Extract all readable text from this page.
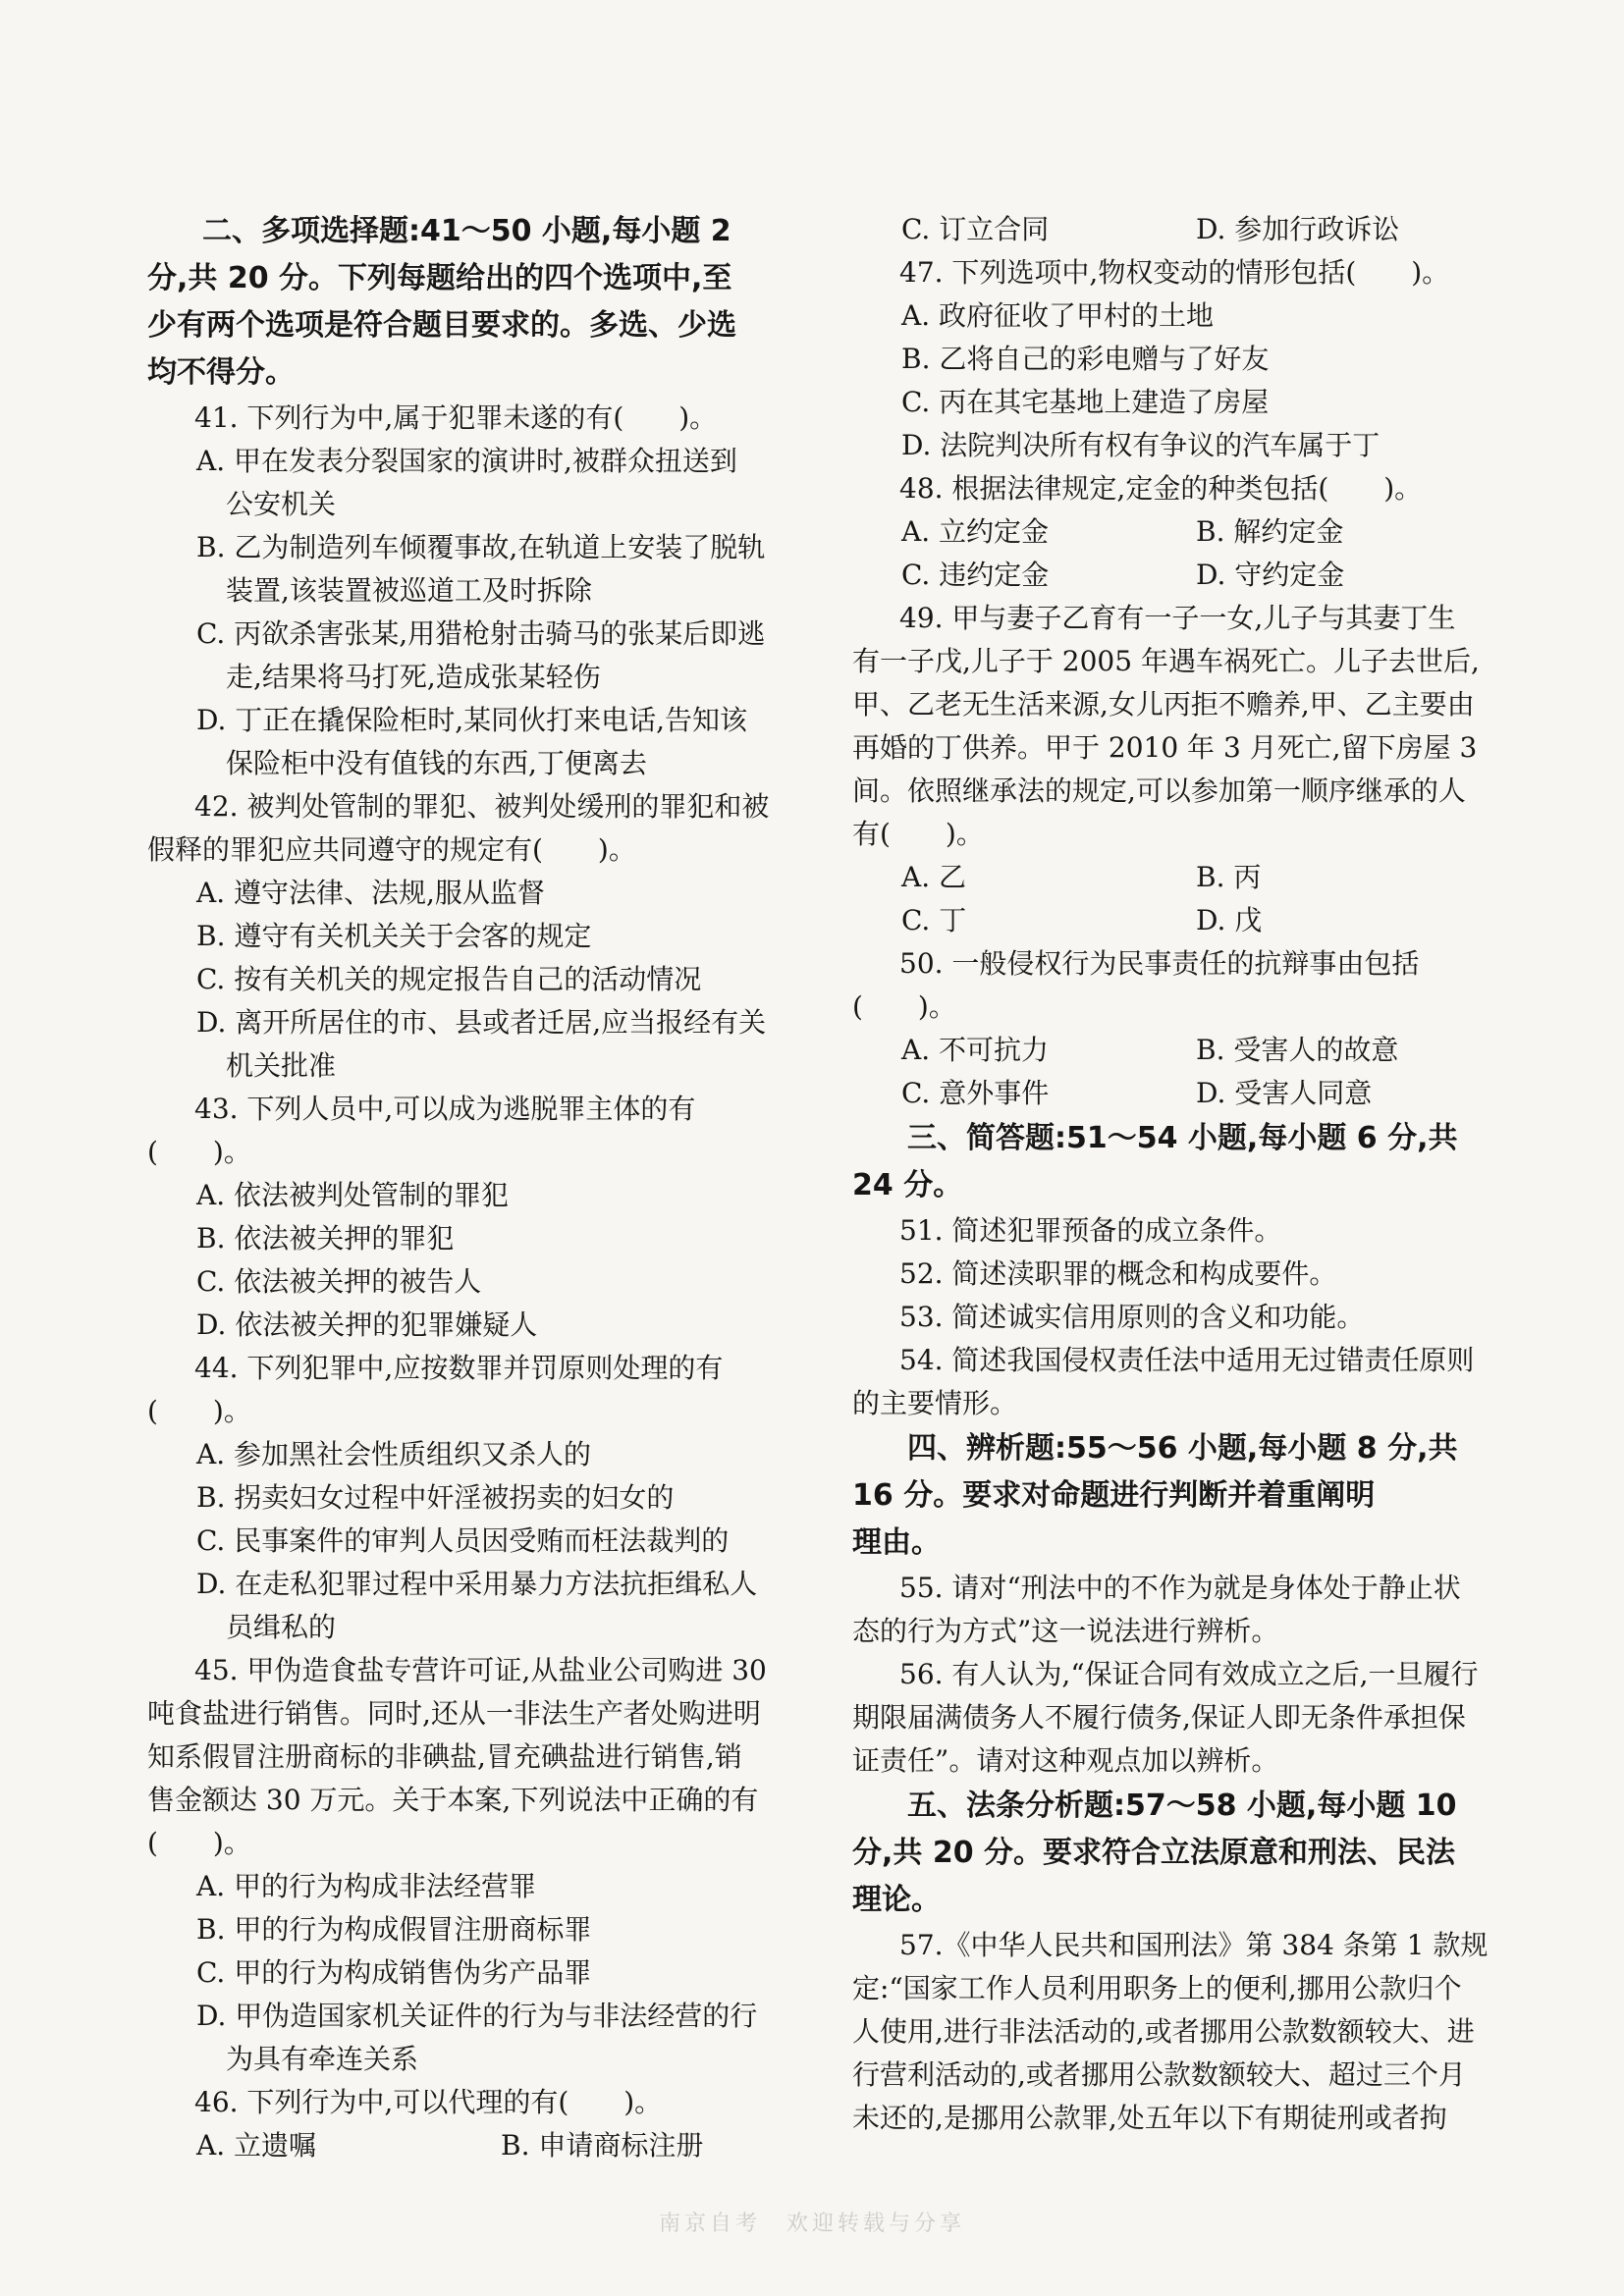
二、多项选择题:41～50 小题,每小题 2
分,共 20 分。下列每题给出的四个选项中,至
少有两个选项是符合题目要求的。多选、少选
均不得分。
41. 下列行为中,属于犯罪未遂的有(　　)。
A. 甲在发表分裂国家的演讲时,被群众扭送到
公安机关
B. 乙为制造列车倾覆事故,在轨道上安装了脱轨
装置,该装置被巡道工及时拆除
C. 丙欲杀害张某,用猎枪射击骑马的张某后即逃
走,结果将马打死,造成张某轻伤
D. 丁正在撬保险柜时,某同伙打来电话,告知该
保险柜中没有值钱的东西,丁便离去
42. 被判处管制的罪犯、被判处缓刑的罪犯和被
假释的罪犯应共同遵守的规定有(　　)。
A. 遵守法律、法规,服从监督
B. 遵守有关机关关于会客的规定
C. 按有关机关的规定报告自己的活动情况
D. 离开所居住的市、县或者迁居,应当报经有关
机关批准
43. 下列人员中,可以成为逃脱罪主体的有
(　　)。
A. 依法被判处管制的罪犯
B. 依法被关押的罪犯
C. 依法被关押的被告人
D. 依法被关押的犯罪嫌疑人
44. 下列犯罪中,应按数罪并罚原则处理的有
(　　)。
A. 参加黑社会性质组织又杀人的
B. 拐卖妇女过程中奸淫被拐卖的妇女的
C. 民事案件的审判人员因受贿而枉法裁判的
D. 在走私犯罪过程中采用暴力方法抗拒缉私人
员缉私的
45. 甲伪造食盐专营许可证,从盐业公司购进 30
吨食盐进行销售。同时,还从一非法生产者处购进明
知系假冒注册商标的非碘盐,冒充碘盐进行销售,销
售金额达 30 万元。关于本案,下列说法中正确的有
(　　)。
A. 甲的行为构成非法经营罪
B. 甲的行为构成假冒注册商标罪
C. 甲的行为构成销售伪劣产品罪
D. 甲伪造国家机关证件的行为与非法经营的行
为具有牵连关系
46. 下列行为中,可以代理的有(　　)。
A. 立遗嘱	B. 申请商标注册
C. 订立合同	D. 参加行政诉讼
47. 下列选项中,物权变动的情形包括(　　)。
A. 政府征收了甲村的土地
B. 乙将自己的彩电赠与了好友
C. 丙在其宅基地上建造了房屋
D. 法院判决所有权有争议的汽车属于丁
48. 根据法律规定,定金的种类包括(　　)。
A. 立约定金	B. 解约定金
C. 违约定金	D. 守约定金
49. 甲与妻子乙育有一子一女,儿子与其妻丁生
有一子戊,儿子于 2005 年遇车祸死亡。儿子去世后,
甲、乙老无生活来源,女儿丙拒不赡养,甲、乙主要由
再婚的丁供养。甲于 2010 年 3 月死亡,留下房屋 3
间。依照继承法的规定,可以参加第一顺序继承的人
有(　　)。
A. 乙	B. 丙
C. 丁	D. 戊
50. 一般侵权行为民事责任的抗辩事由包括
(　　)。
A. 不可抗力	B. 受害人的故意
C. 意外事件	D. 受害人同意
三、简答题:51～54 小题,每小题 6 分,共
24 分。
51. 简述犯罪预备的成立条件。
52. 简述渎职罪的概念和构成要件。
53. 简述诚实信用原则的含义和功能。
54. 简述我国侵权责任法中适用无过错责任原则
的主要情形。
四、辨析题:55～56 小题,每小题 8 分,共
16 分。要求对命题进行判断并着重阐明
理由。
55. 请对“刑法中的不作为就是身体处于静止状
态的行为方式”这一说法进行辨析。
56. 有人认为,“保证合同有效成立之后,一旦履行
期限届满债务人不履行债务,保证人即无条件承担保
证责任”。请对这种观点加以辨析。
五、法条分析题:57～58 小题,每小题 10
分,共 20 分。要求符合立法原意和刑法、民法
理论。
57.《中华人民共和国刑法》第 384 条第 1 款规
定:“国家工作人员利用职务上的便利,挪用公款归个
人使用,进行非法活动的,或者挪用公款数额较大、进
行营利活动的,或者挪用公款数额较大、超过三个月
未还的,是挪用公款罪,处五年以下有期徒刑或者拘
南京自考　欢迎转载与分享
